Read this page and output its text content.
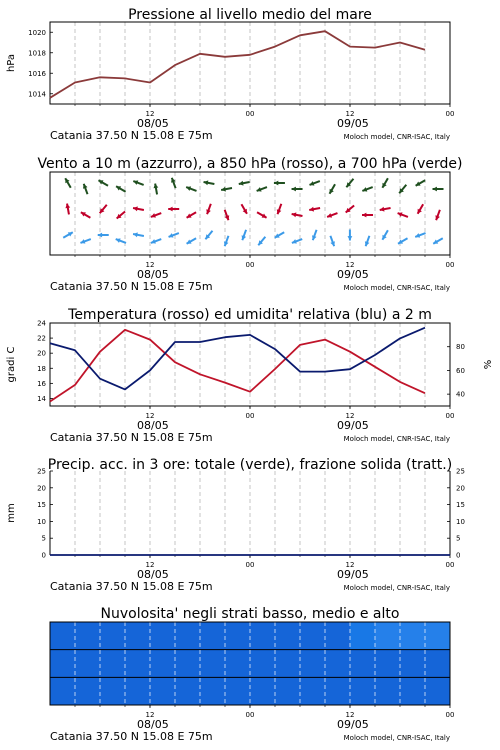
Pressione al livello medio del mare
12	00	12	00
08/05	09/05
Catania 37.50 N 15.08 E 75m	Moloch model, CNR-ISAC, Italy
1014
1016
1018
1020
hPa
Vento a 10 m (azzurro), a 850 hPa (rosso), a 700 hPa (verde)
12	00	12	00
08/05	09/05
Catania 37.50 N 15.08 E 75m	Moloch model, CNR-ISAC, Italy
Temperatura (rosso) ed umidita' relativa (blu) a 2 m
12	00	12	00
08/05	09/05
Catania 37.50 N 15.08 E 75m	Moloch model, CNR-ISAC, Italy
14
16
18
20
22
24
40
60
80
gradi C	%
Precip. acc. in 3 ore: totale (verde), frazione solida (tratt.)
12	00	12	00
08/05	09/05
Catania 37.50 N 15.08 E 75m	Moloch model, CNR-ISAC, Italy
0
5
10
15
20
25
0
5
10
15
20
25
mm
Nuvolosita' negli strati basso, medio e alto
12	00	12	00
08/05	09/05
Catania 37.50 N 15.08 E 75m	Moloch model, CNR-ISAC, Italy
